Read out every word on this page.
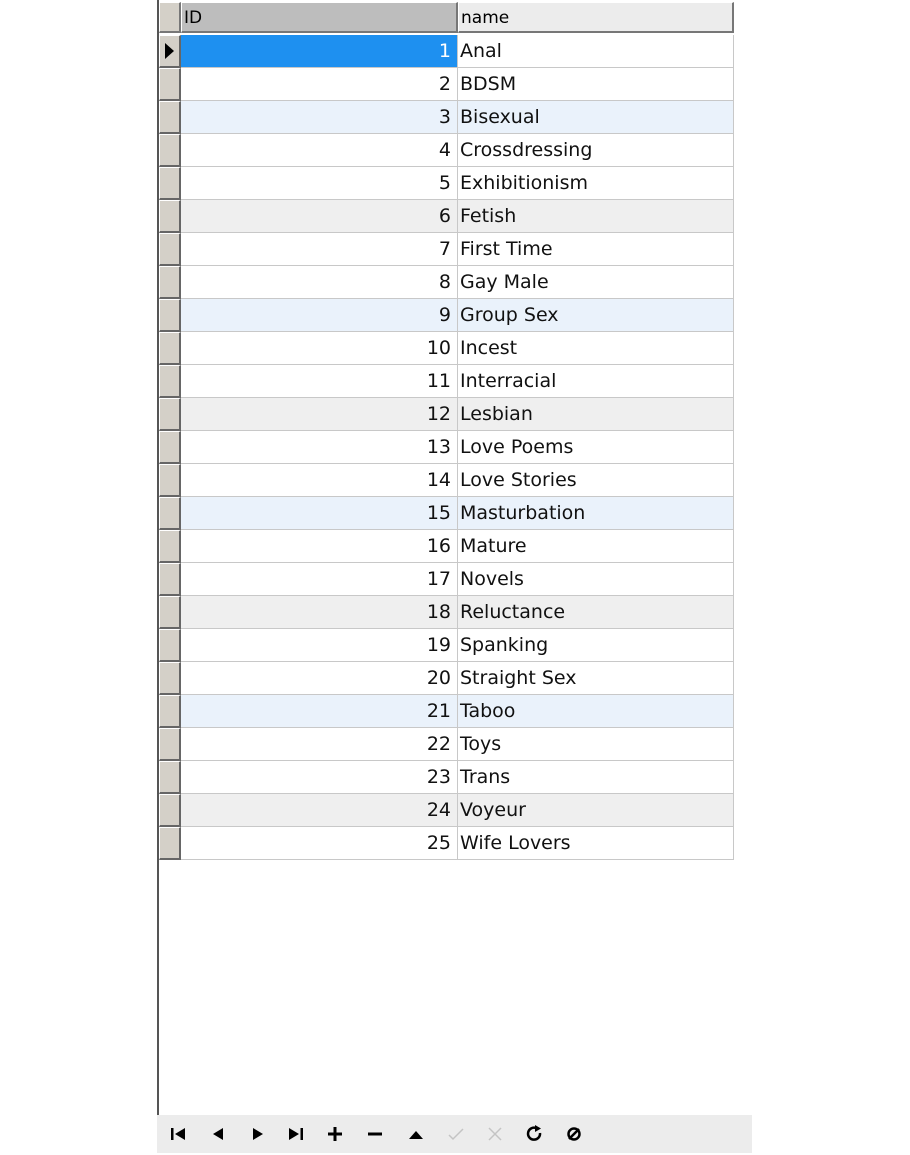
ID	name
1 Anal
2 BDSM
3 Bisexual
4 Crossdressing
5 Exhibitionism
6 Fetish
7 First Time
8 Gay Male
9 Group Sex
10 Incest
11 Interracial
12 Lesbian
13 Love Poems
14 Love Stories
15 Masturbation
16 Mature
17 Novels
18 Reluctance
19 Spanking
20 Straight Sex
21 Taboo
22 Toys
23 Trans
24 Voyeur
25 Wife Lovers
